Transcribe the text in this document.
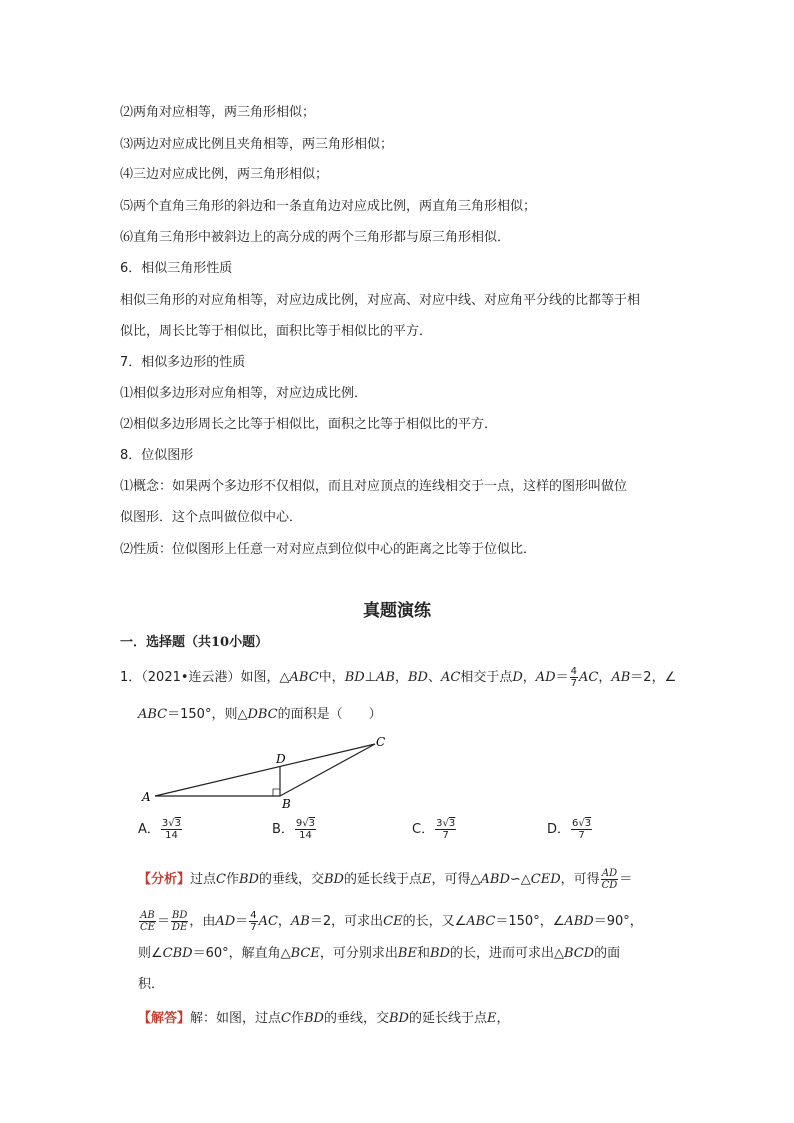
⑵两角对应相等，两三角形相似；
⑶两边对应成比例且夹角相等，两三角形相似；
⑷三边对应成比例，两三角形相似；
⑸两个直角三角形的斜边和一条直角边对应成比例，两直角三角形相似；
⑹直角三角形中被斜边上的高分成的两个三角形都与原三角形相似．
6．相似三角形性质
相似三角形的对应角相等，对应边成比例，对应高、对应中线、对应角平分线的比都等于相
似比，周长比等于相似比，面积比等于相似比的平方．
7．相似多边形的性质
⑴相似多边形对应角相等，对应边成比例．
⑵相似多边形周长之比等于相似比，面积之比等于相似比的平方．
8．位似图形
⑴概念：如果两个多边形不仅相似，而且对应顶点的连线相交于一点，这样的图形叫做位
似图形．这个点叫做位似中心．
⑵性质：位似图形上任意一对对应点到位似中心的距离之比等于位似比．
真题演练
一．选择题（共10小题）
1．（2021•连云港）如图，△ABC中，BD⊥AB，BD、AC相交于点D，$AD= \frac{4}{7}$ AC，AB＝2，∠
ABC＝150°，则△DBC的面积是（　　）
A	B
C
D
A． $\frac{3√3}{14}$	B． $\frac{9√3}{14}$	C． $\frac{3√3}{7}$	D． $\frac{6√3}{7}$
【分析】过点C作BD的垂线，交BD的延长线于点E，可得△ABD∽△CED，可得 $\frac{AD}{CD}$ ＝
$\frac{AB}{CE} = \frac{BD}{DE}$ ，由$AD= \frac{4}{7}$ AC，AB＝2，可求出CE的长，又∠ABC＝150°，∠ABD＝90°，
则∠CBD＝60°，解直角△BCE，可分别求出BE和BD的长，进而可求出△BCD的面
积．
【解答】解：如图，过点C作BD的垂线，交BD的延长线于点E，
